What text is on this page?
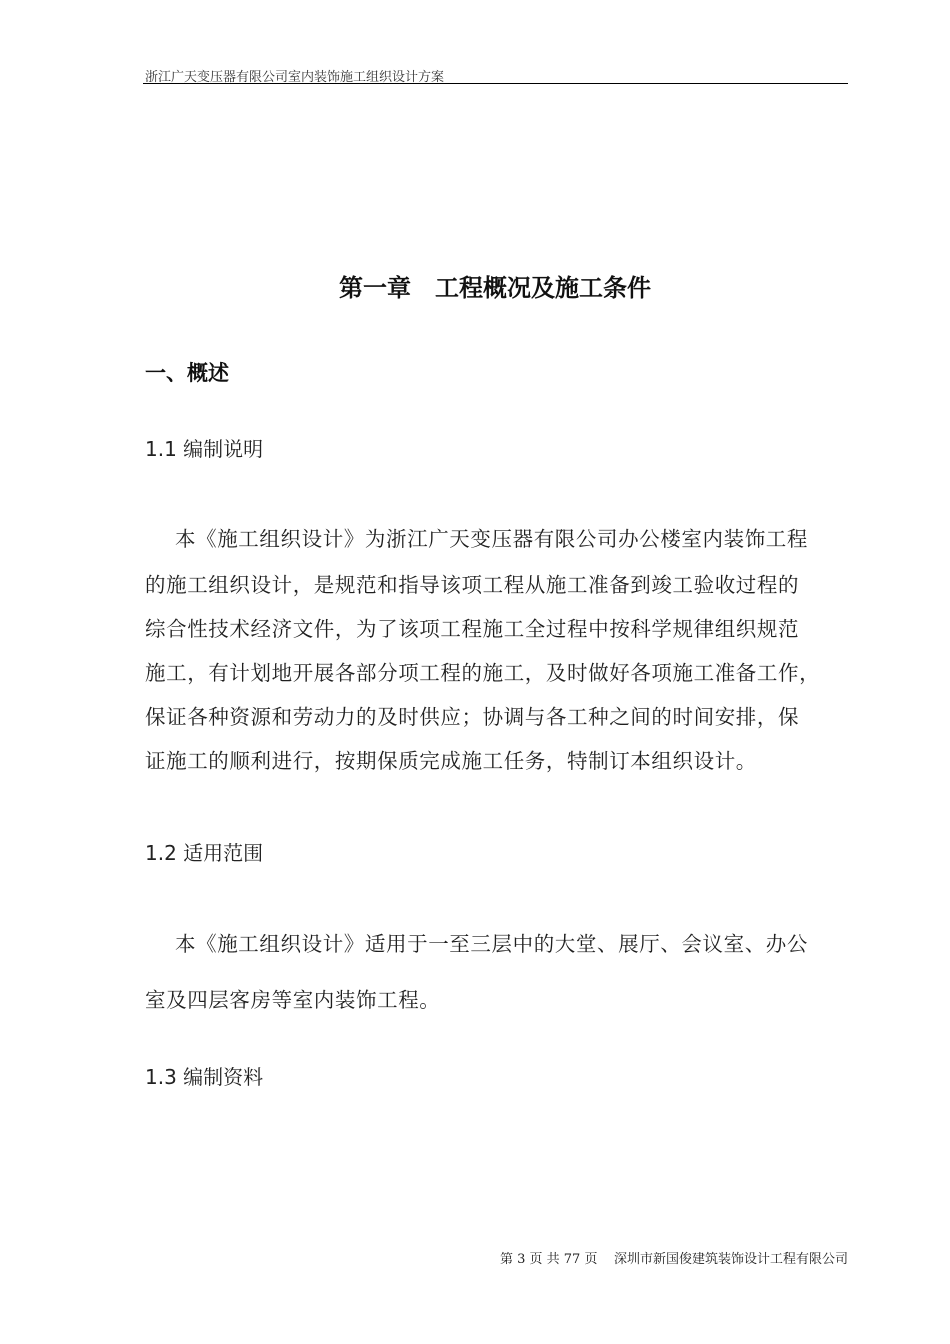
浙江广天变压器有限公司室内装饰施工组织设计方案
第一章　工程概况及施工条件
一、概述
1.1 编制说明
本《施工组织设计》为浙江广天变压器有限公司办公楼室内装饰工程
的施工组织设计，是规范和指导该项工程从施工准备到竣工验收过程的
综合性技术经济文件，为了该项工程施工全过程中按科学规律组织规范
施工，有计划地开展各部分项工程的施工，及时做好各项施工准备工作，
保证各种资源和劳动力的及时供应；协调与各工种之间的时间安排，保
证施工的顺利进行，按期保质完成施工任务，特制订本组织设计。
1.2 适用范围
本《施工组织设计》适用于一至三层中的大堂、展厅、会议室、办公
室及四层客房等室内装饰工程。
1.3 编制资料
第 3 页 共 77 页 深圳市新国俊建筑装饰设计工程有限公司
